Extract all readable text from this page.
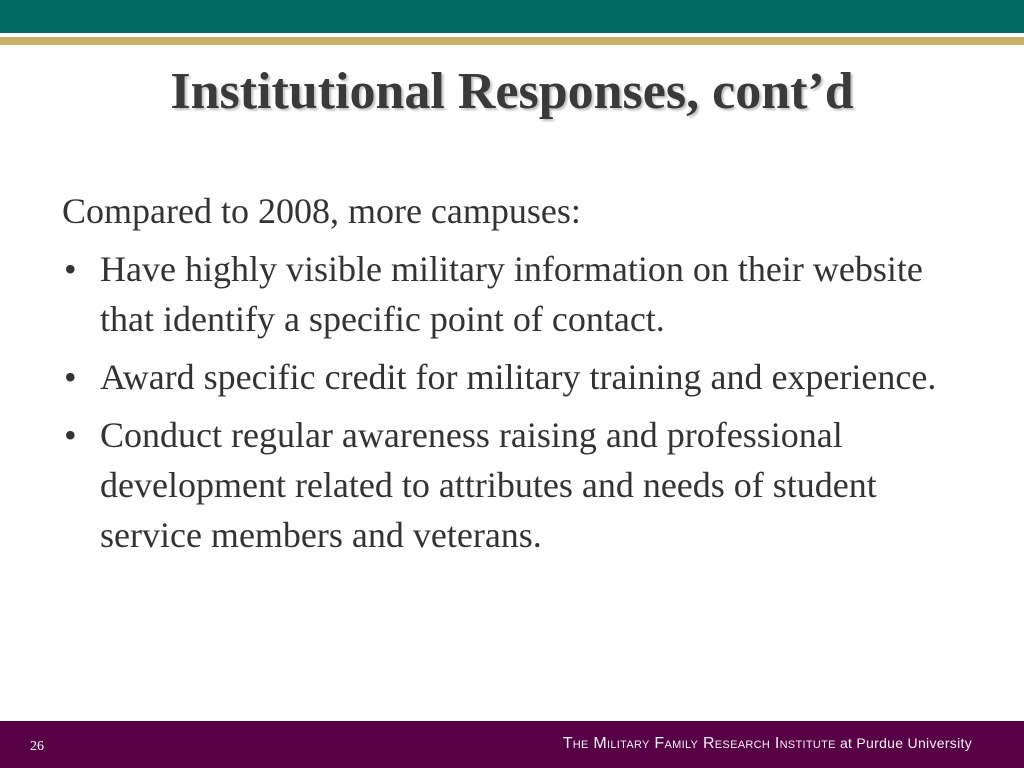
Institutional Responses, cont’d

Compared to 2008, more campuses:

• Have highly visible military information on their website that identify a specific point of contact.
• Award specific credit for military training and experience.
• Conduct regular awareness raising and professional development related to attributes and needs of student service members and veterans.
26	The Military Family Research Institute at Purdue University
